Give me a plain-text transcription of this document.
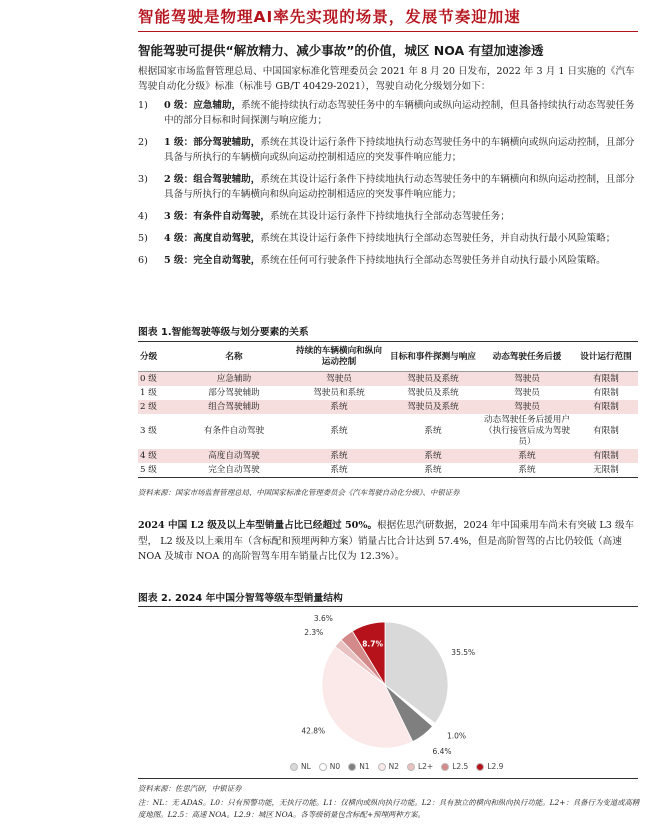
智能驾驶是物理AI率先实现的场景，发展节奏迎加速
智能驾驶可提供“解放精力、减少事故”的价值，城区 NOA 有望加速渗透
根据国家市场监督管理总局、中国国家标准化管理委员会 2021 年 8 月 20 日发布，2022 年 3 月 1 日实施的《汽车驾驶自动化分级》标准（标准号 GB/T 40429-2021），驾驶自动化分级划分如下：
1) 0 级：应急辅助，系统不能持续执行动态驾驶任务中的车辆横向或纵向运动控制，但具备持续执行动态驾驶任务中的部分目标和时间探测与响应能力；
2) 1 级：部分驾驶辅助，系统在其设计运行条件下持续地执行动态驾驶任务中的车辆横向或纵向运动控制，且部分具备与所执行的车辆横向或纵向运动控制相适应的突发事件响应能力；
3) 2 级：组合驾驶辅助，系统在其设计运行条件下持续地执行动态驾驶任务中的车辆横向和纵向运动控制，且部分具备与所执行的车辆横向和纵向运动控制相适应的突发事件响应能力；
4) 3 级：有条件自动驾驶，系统在其设计运行条件下持续地执行全部动态驾驶任务；
5) 4 级：高度自动驾驶，系统在其设计运行条件下持续地执行全部动态驾驶任务，并自动执行最小风险策略；
6) 5 级：完全自动驾驶，系统在任何可行驶条件下持续地执行全部动态驾驶任务并自动执行最小风险策略。
图表 1.智能驾驶等级与划分要素的关系
分级	名称	持续的车辆横向和纵向运动控制	目标和事件探测与响应	动态驾驶任务后援	设计运行范围
0 级	应急辅助	驾驶员	驾驶员及系统	驾驶员	有限制
1 级	部分驾驶辅助	驾驶员和系统	驾驶员及系统	驾驶员	有限制
2 级	组合驾驶辅助	系统	驾驶员及系统	驾驶员	有限制
3 级	有条件自动驾驶	系统	系统	动态驾驶任务后援用户（执行接管后成为驾驶员）	有限制
4 级	高度自动驾驶	系统	系统	系统	有限制
5 级	完全自动驾驶	系统	系统	系统	无限制
资料来源：国家市场监督管理总局、中国国家标准化管理委员会《汽车驾驶自动化分级》、中银证券
2024 中国 L2 级及以上车型销量占比已经超过 50%。根据佐思汽研数据，2024 年中国乘用车尚未有突破 L3 级车型， L2 级及以上乘用车（含标配和预埋两种方案）销量占比合计达到 57.4%，但是高阶智驾的占比仍较低（高速 NOA 及城市 NOA 的高阶智驾车用车销量占比仅为 12.3%）。
图表 2. 2024 年中国分智驾等级车型销量结构
35.5%
1.0%
6.4%
42.8%
2.3%
3.6%
8.7%
NL	N0	N1	N2	L2+	L2.5	L2.9
资料来源：佐思汽研，中银证券
注：NL：无 ADAS。L0：只有预警功能，无执行功能。L1：仅横向或纵向执行功能。L2：具有独立的横向和纵向执行功能。L2+：具备行为变道或高精度地图。L2.5：高速 NOA。L2.9：城区 NOA。各等级销量包含标配+预埋两种方案。
